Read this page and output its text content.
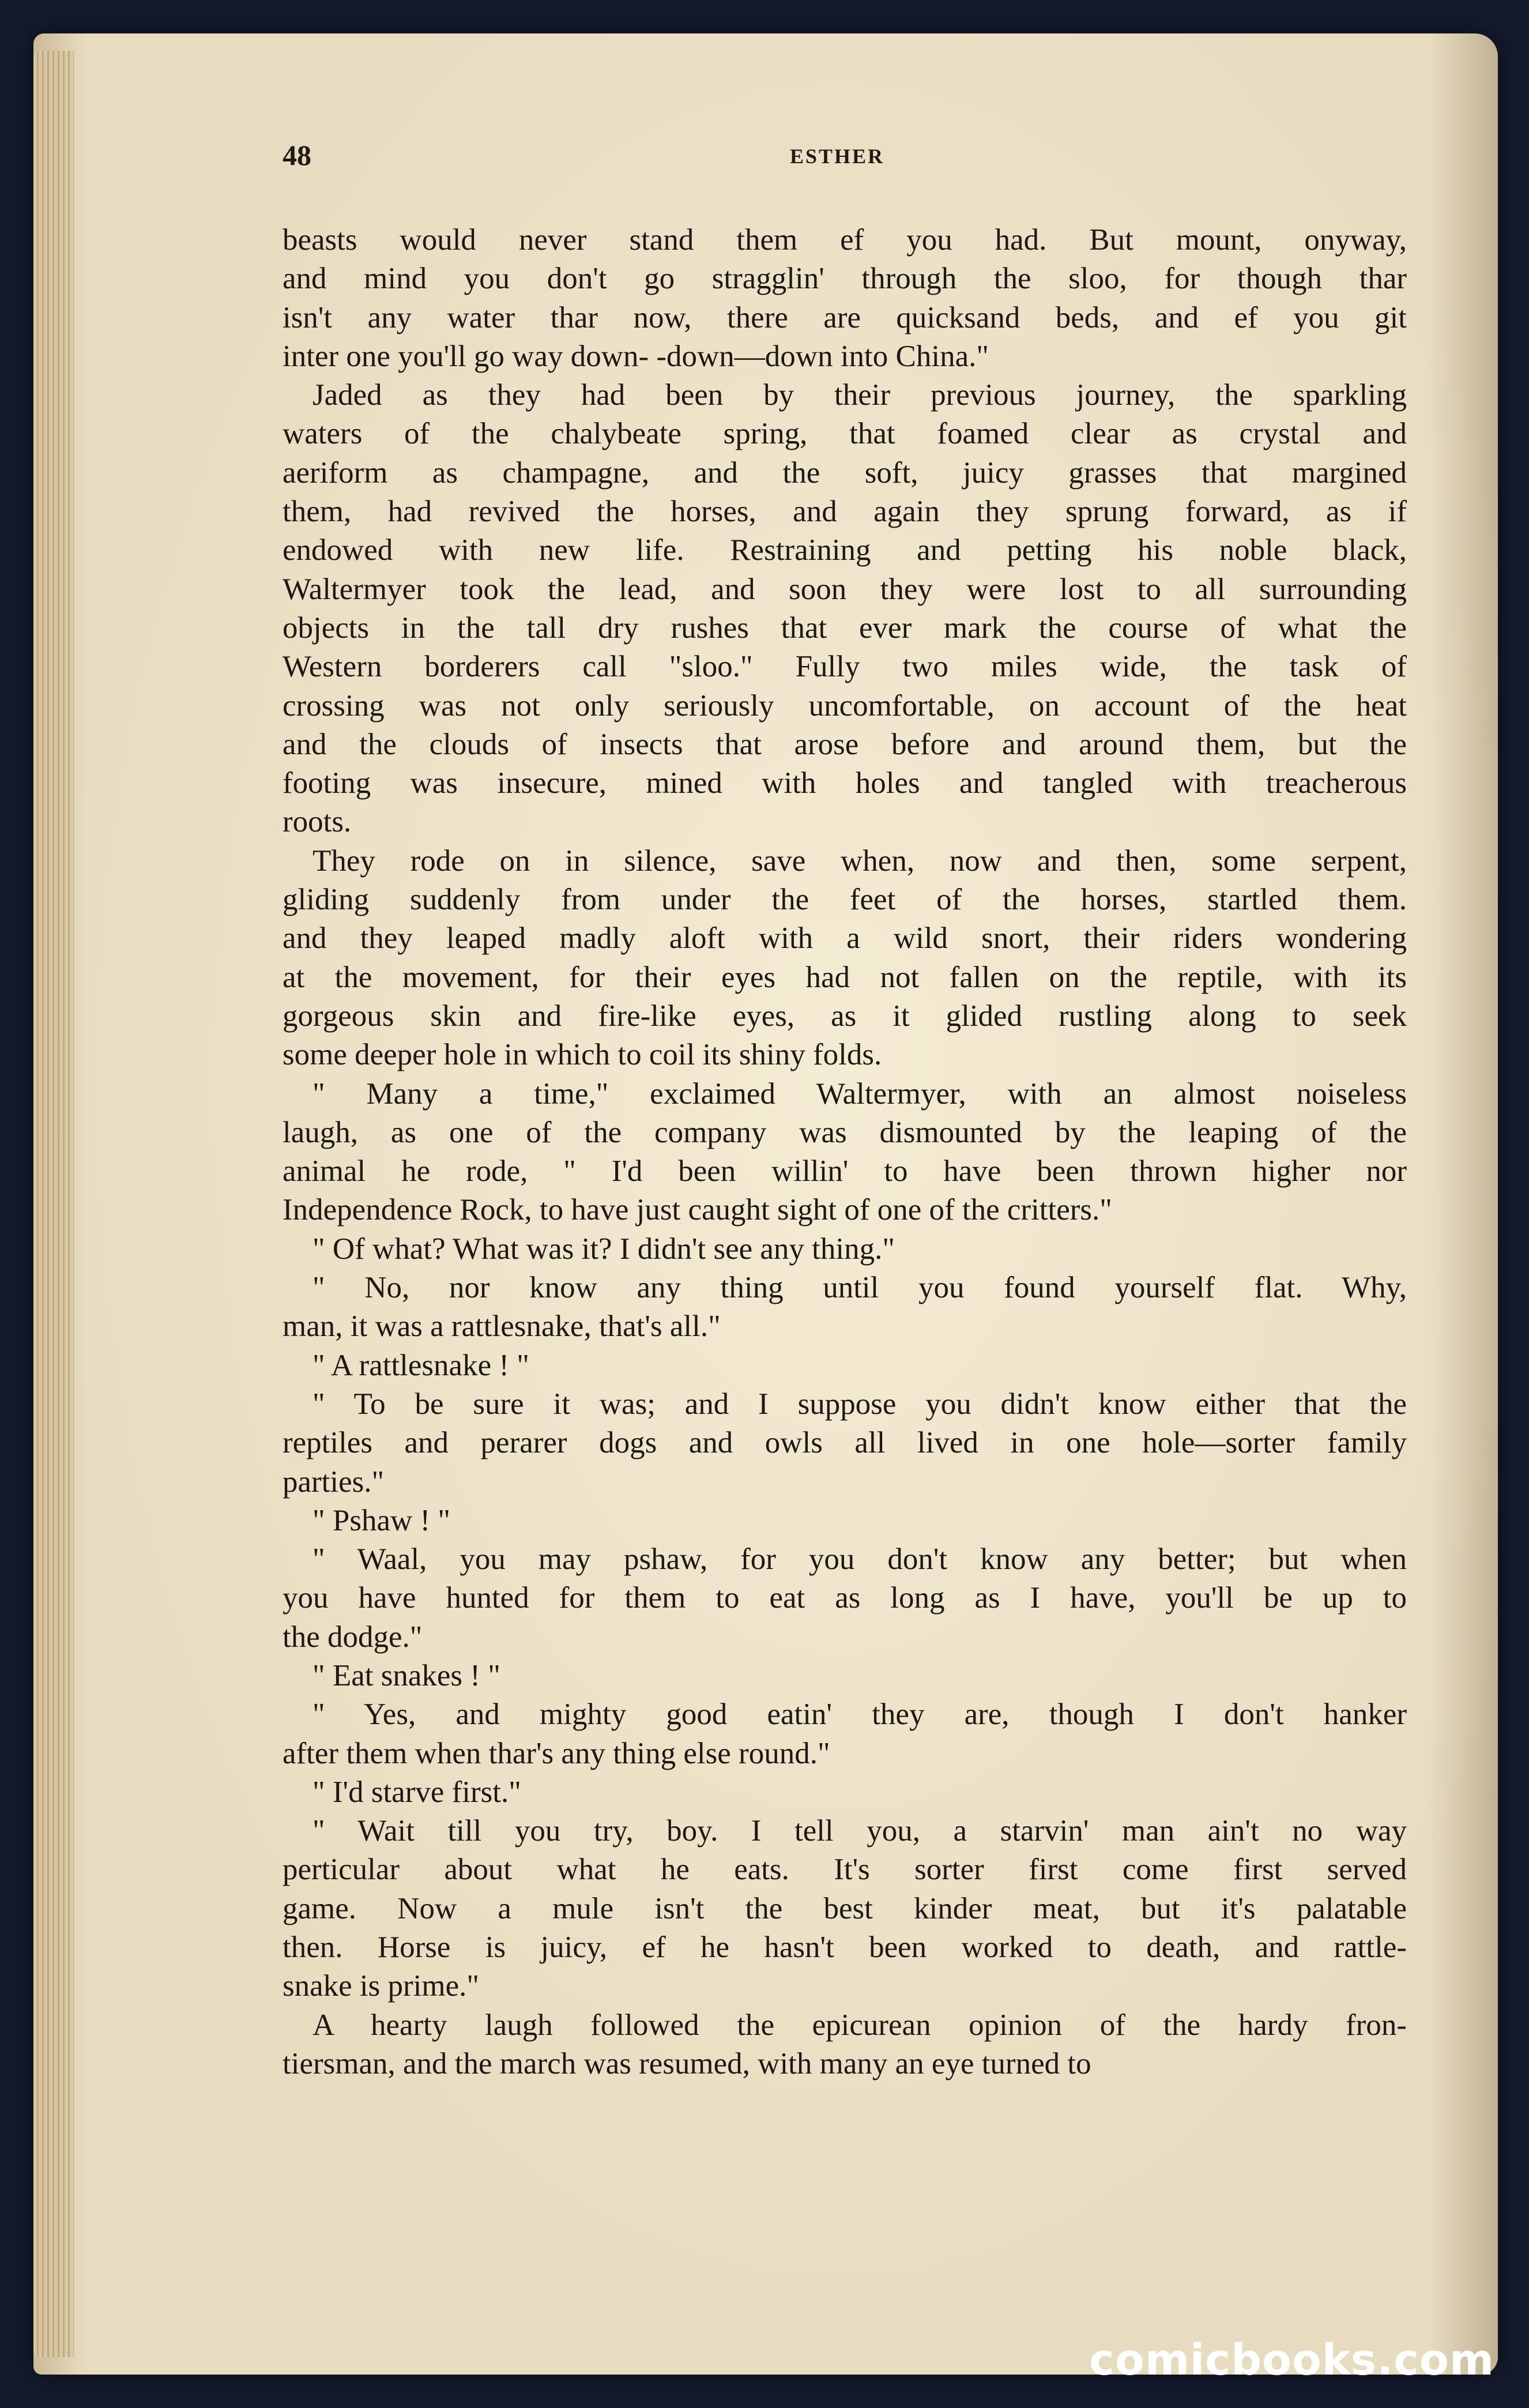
48	ESTHER
beasts would never stand them ef you had. But mount, onyway,
and mind you don't go stragglin' through the sloo, for though thar
isn't any water thar now, there are quicksand beds, and ef you git
inter one you'll go way down- -down—down into China."
Jaded as they had been by their previous journey, the sparkling
waters of the chalybeate spring, that foamed clear as crystal and
aeriform as champagne, and the soft, juicy grasses that margined
them, had revived the horses, and again they sprung forward, as if
endowed with new life. Restraining and petting his noble black,
Waltermyer took the lead, and soon they were lost to all surrounding
objects in the tall dry rushes that ever mark the course of what the
Western borderers call "sloo." Fully two miles wide, the task of
crossing was not only seriously uncomfortable, on account of the heat
and the clouds of insects that arose before and around them, but the
footing was insecure, mined with holes and tangled with treacherous
roots.
They rode on in silence, save when, now and then, some serpent,
gliding suddenly from under the feet of the horses, startled them.
and they leaped madly aloft with a wild snort, their riders wondering
at the movement, for their eyes had not fallen on the reptile, with its
gorgeous skin and fire-like eyes, as it glided rustling along to seek
some deeper hole in which to coil its shiny folds.
" Many a time," exclaimed Waltermyer, with an almost noiseless
laugh, as one of the company was dismounted by the leaping of the
animal he rode, " I'd been willin' to have been thrown higher nor
Independence Rock, to have just caught sight of one of the critters."
" Of what? What was it? I didn't see any thing."
" No, nor know any thing until you found yourself flat. Why,
man, it was a rattlesnake, that's all."
" A rattlesnake ! "
" To be sure it was; and I suppose you didn't know either that the
reptiles and perarer dogs and owls all lived in one hole—sorter family
parties."
" Pshaw ! "
" Waal, you may pshaw, for you don't know any better; but when
you have hunted for them to eat as long as I have, you'll be up to
the dodge."
" Eat snakes ! "
" Yes, and mighty good eatin' they are, though I don't hanker
after them when thar's any thing else round."
" I'd starve first."
" Wait till you try, boy. I tell you, a starvin' man ain't no way
perticular about what he eats. It's sorter first come first served
game. Now a mule isn't the best kinder meat, but it's palatable
then. Horse is juicy, ef he hasn't been worked to death, and rattle-
snake is prime."
A hearty laugh followed the epicurean opinion of the hardy fron-
tiersman, and the march was resumed, with many an eye turned to
comicbooks.com
